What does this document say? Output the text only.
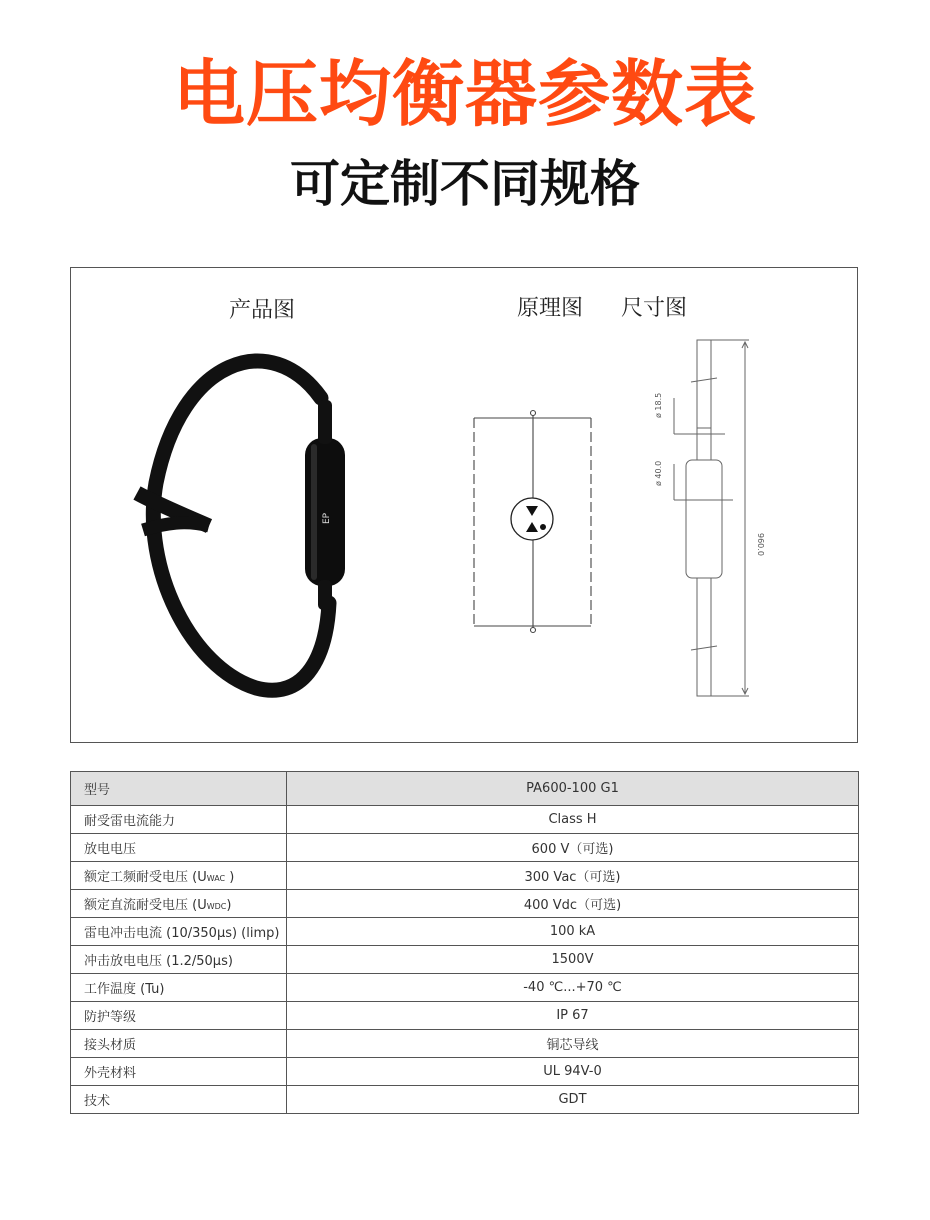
电压均衡器参数表
可定制不同规格
产品图	原理图 尺寸图
EP
ø 18.5
ø 40.0
960.0
型号	PA600-100 G1
耐受雷电流能力	Class H
放电电压	600 V（可选)
额定工频耐受电压 (UWAC )	300 Vac（可选)
额定直流耐受电压 (UWDC)	400 Vdc（可选)
雷电冲击电流 (10/350μs) (limp)	100 kA
冲击放电电压 (1.2/50μs)	1500V
工作温度 (Tu)	-40 ℃...+70 ℃
防护等级	IP 67
接头材质	铜芯导线
外壳材料	UL 94V-0
技术	GDT
